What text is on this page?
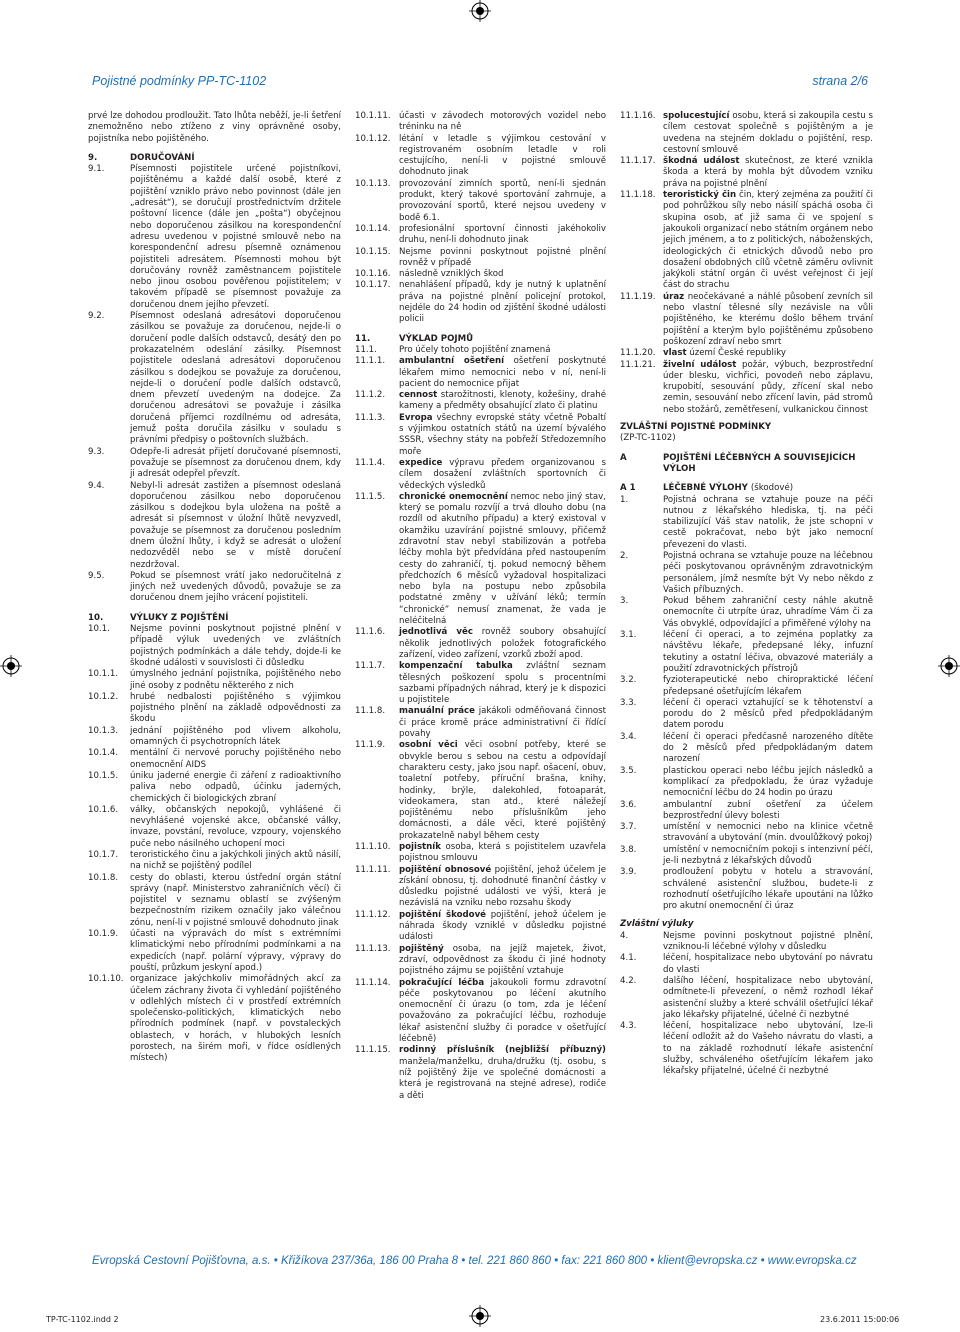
Pojistné podmínky PP-TC-1102	strana 2/6
prvé lze dohodou prodloužit. Tato lhůta neběží, je-li šetření znemožněno nebo ztíženo z viny oprávněné osoby, pojistníka nebo pojištěného.
9.	DORUČOVÁNÍ
9.1.	Písemnosti pojistitele určené pojistníkovi, pojištěnému a každé další osobě, které z pojištění vzniklo právo nebo povinnost (dále jen „adresát“), se doručují prostřednictvím držitele poštovní licence (dále jen „pošta“) obyčejnou nebo doporučenou zásilkou na korespondenční adresu uvedenou v pojistné smlouvě nebo na korespondenční adresu písemně oznámenou pojistiteli adresátem. Písemnosti mohou být doručovány rovněž zaměstnancem pojistitele nebo jinou osobou pověřenou pojistitelem; v takovém případě se písemnost považuje za doručenou dnem jejího převzetí.
9.2.	Písemnost odeslaná adresátovi doporučenou zásilkou se považuje za doručenou, nejde-li o doručení podle dalších odstavců, desátý den po prokazatelném odeslání zásilky. Písemnost pojistitele odeslaná adresátovi doporučenou zásilkou s dodejkou se považuje za doručenou, nejde-li o doručení podle dalších odstavců, dnem převzetí uvedeným na dodejce. Za doručenou adresátovi se považuje i zásilka doručená příjemci rozdílnému od adresáta, jemuž pošta doručila zásilku v souladu s právními předpisy o poštovních službách.
9.3.	Odepře-li adresát přijetí doručované písemnosti, považuje se písemnost za doručenou dnem, kdy ji adresát odepřel převzít.
9.4.	Nebyl-li adresát zastižen a písemnost odeslaná doporučenou zásilkou nebo doporučenou zásilkou s dodejkou byla uložena na poště a adresát si písemnost v úložní lhůtě nevyzvedl, považuje se písemnost za doručenou posledním dnem úložní lhůty, i když se adresát o uložení nedozvěděl nebo se v místě doručení nezdržoval.
9.5.	Pokud se písemnost vrátí jako nedoručitelná z jiných než uvedených důvodů, považuje se za doručenou dnem jejího vrácení pojistiteli.
10.	VÝLUKY Z POJIŠTĚNÍ
10.1.	Nejsme povinni poskytnout pojistné plnění v případě výluk uvedených ve zvláštních pojistných podmínkách a dále tehdy, dojde-li ke škodné události v souvislosti či důsledku
10.1.1.	úmyslného jednání pojistníka, pojištěného nebo jiné osoby z podnětu některého z nich
10.1.2.	hrubé nedbalosti pojištěného s výjimkou pojistného plnění na základě odpovědnosti za škodu
10.1.3.	jednání pojištěného pod vlivem alkoholu, omamných či psychotropních látek
10.1.4.	mentální či nervové poruchy pojištěného nebo onemocnění AIDS
10.1.5.	úniku jaderné energie či záření z radioaktivního paliva nebo odpadů, účinku jaderných, chemických či biologických zbraní
10.1.6.	války, občanských nepokojů, vyhlášené či nevyhlášené vojenské akce, občanské války, invaze, povstání, revoluce, vzpoury, vojenského puče nebo násilného uchopení moci
10.1.7.	teroristického činu a jakýchkoli jiných aktů násilí, na nichž se pojištěný podílel
10.1.8.	cesty do oblasti, kterou ústřední orgán státní správy (např. Ministerstvo zahraničních věcí) či pojistitel v seznamu oblastí se zvýšeným bezpečnostním rizikem označily jako válečnou zónu, není-li v pojistné smlouvě dohodnuto jinak
10.1.9.	účasti na výpravách do míst s extrémními klimatickými nebo přírodními podmínkami a na expedicích (např. polární výpravy, výpravy do pouští, průzkum jeskyní apod.)
10.1.10. organizace jakýchkoliv mimořádných akcí za účelem záchrany života či vyhledání pojištěného v odlehlých místech či v prostředí extrémních společensko-politických, klimatických nebo přírodních podmínek (např. v povstaleckých oblastech, v horách, v hlubokých lesních porostech, na širém moři, v řídce osídlených místech)
10.1.11. účasti v závodech motorových vozidel nebo tréninku na ně
10.1.12. létání v letadle s výjimkou cestování v registrovaném osobním letadle v roli cestujícího, není-li v pojistné smlouvě dohodnuto jinak
10.1.13. provozování zimních sportů, není-li sjednán produkt, který takové sportování zahrnuje, a provozování sportů, které nejsou uvedeny v bodě 6.1.
10.1.14. profesionální sportovní činnosti jakéhokoliv druhu, není-li dohodnuto jinak
10.1.15. Nejsme povinni poskytnout pojistné plnění rovněž v případě
10.1.16. následně vzniklých škod
10.1.17. nenahlášení případů, kdy je nutný k uplatnění práva na pojistné plnění policejní protokol, nejdéle do 24 hodin od zjištění škodné události policii
11.	VÝKLAD POJMŮ
11.1.	Pro účely tohoto pojištění znamená
11.1.1.	ambulantní ošetření ošetření poskytnuté lékařem mimo nemocnici nebo v ní, není-li pacient do nemocnice přijat
11.1.2.	cennost starožitnosti, klenoty, kožešiny, drahé kameny a předměty obsahující zlato či platinu
11.1.3.	Evropa všechny evropské státy včetně Pobaltí s výjimkou ostatních států na území bývalého SSSR, všechny státy na pobřeží Středozemního moře
11.1.4.	expedice výpravu předem organizovanou s cílem dosažení zvláštních sportovních či vědeckých výsledků
11.1.5.	chronické onemocnění nemoc nebo jiný stav, který se pomalu rozvíjí a trvá dlouho dobu (na rozdíl od akutního případu) a který existoval v okamžiku uzavírání pojistné smlouvy, přičemž zdravotní stav nebyl stabilizován a potřeba léčby mohla být předvídána před nastoupením cesty do zahraničí, tj. pokud nemocný během předchozích 6 měsíců vyžadoval hospitalizaci nebo byla na postupu nebo způsobila podstatné změny v užívání léků; termín “chronické” nemusí znamenat, že vada je neléčitelná
11.1.6.	jednotlivá věc rovněž soubory obsahující několik jednotlivých položek fotografického zařízení, video zařízení, vzorků zboží apod.
11.1.7.	kompenzační tabulka zvláštní seznam tělesných poškození spolu s procentními sazbami případných náhrad, který je k dispozici u pojistitele
11.1.8.	manuální práce jakákoli odměňovaná činnost či práce kromě práce administrativní či řídící povahy
11.1.9.	osobní věci věci osobní potřeby, které se obvykle berou s sebou na cestu a odpovídají charakteru cesty, jako jsou např. ošacení, obuv, toaletní potřeby, příruční brašna, knihy, hodinky, brýle, dalekohled, fotoaparát, videokamera, stan atd., které náležejí pojištěnému nebo příslušníkům jeho domácnosti, a dále věci, které pojištěný prokazatelně nabyl během cesty
11.1.10. pojistník osoba, která s pojistitelem uzavřela pojistnou smlouvu
11.1.11. pojištění obnosové pojištění, jehož účelem je získání obnosu, tj. dohodnuté finanční částky v důsledku pojistné události ve výši, která je nezávislá na vzniku nebo rozsahu škody
11.1.12. pojištění škodové pojištění, jehož účelem je náhrada škody vzniklé v důsledku pojistné události
11.1.13. pojištěný osoba, na jejíž majetek, život, zdraví, odpovědnost za škodu či jiné hodnoty pojistného zájmu se pojištění vztahuje
11.1.14. pokračující léčba jakoukoli formu zdravotní péče poskytovanou po léčení akutního onemocnění či úrazu (o tom, zda je léčení považováno za pokračující léčbu, rozhoduje lékař asistenční služby či poradce v ošetřující léčebně)
11.1.15. rodinný příslušník (nejbližší příbuzný) manžela/manželku, druha/družku (tj. osobu, s níž pojištěný žije ve společné domácnosti a která je registrovaná na stejné adrese), rodiče a děti
11.1.16. spolucestující osobu, která si zakoupila cestu s cílem cestovat společně s pojištěným a je uvedena na stejném dokladu o pojištění, resp. cestovní smlouvě
11.1.17. škodná událost skutečnost, ze které vznikla škoda a která by mohla být důvodem vzniku práva na pojistné plnění
11.1.18. teroristický čin čin, který zejména za použití či pod pohrůžkou síly nebo násilí spáchá osoba či skupina osob, ať již sama či ve spojení s jakoukoli organizací nebo státním orgánem nebo jejich jménem, a to z politických, náboženských, ideologických či etnických důvodů nebo pro dosažení obdobných cílů včetně záměru ovlivnit jakýkoli státní orgán či uvést veřejnost či její část do strachu
11.1.19. úraz neočekávané a náhlé působení zevních sil nebo vlastní tělesné síly nezávisle na vůli pojištěného, ke kterému došlo během trvání pojištění a kterým bylo pojištěnému způsobeno poškození zdraví nebo smrt
11.1.20. vlast území České republiky
11.1.21. živelní událost požár, výbuch, bezprostřední úder blesku, vichřici, povodeň nebo záplavu, krupobití, sesouvání půdy, zřícení skal nebo zemin, sesouvání nebo zřícení lavin, pád stromů nebo stožárů, zemětřesení, vulkanickou činnost
ZVLÁŠTNÍ POJISTNÉ PODMÍNKY
(ZP-TC-1102)
A	POJIŠTĚNÍ LÉČEBNÝCH A SOUVISEJÍCÍCH VÝLOH
A 1	LÉČEBNÉ VÝLOHY (škodové)
1.	Pojistná ochrana se vztahuje pouze na péči nutnou z lékařského hlediska, tj. na péči stabilizující Váš stav natolik, že jste schopni v cestě pokračovat, nebo být jako nemocní převezeni do vlasti.
2.	Pojistná ochrana se vztahuje pouze na léčebnou péči poskytovanou oprávněným zdravotnickým personálem, jímž nesmíte být Vy nebo někdo z Vašich příbuzných.
3.	Pokud během zahraniční cesty náhle akutně onemocníte či utrpíte úraz, uhradíme Vám či za Vás obvyklé, odpovídající a přiměřené výlohy na
3.1.	léčení či operaci, a to zejména poplatky za návštěvu lékaře, předepsané léky, infuzní tekutiny a ostatní léčiva, obvazové materiály a použití zdravotnických přístrojů
3.2.	fyzioterapeutické nebo chiropraktické léčení předepsané ošetřujícím lékařem
3.3.	léčení či operaci vztahující se k těhotenství a porodu do 2 měsíců před předpokládaným datem porodu
3.4.	léčení či operaci předčasně narozeného dítěte do 2 měsíců před předpokládaným datem narození
3.5.	plastickou operaci nebo léčbu jejích následků a komplikací za předpokladu, že úraz vyžaduje nemocniční léčbu do 24 hodin po úrazu
3.6.	ambulantní zubní ošetření za účelem bezprostřední úlevy bolesti
3.7.	umístění v nemocnici nebo na klinice včetně stravování a ubytování (min. dvoulůžkový pokoj)
3.8.	umístění v nemocničním pokoji s intenzivní péčí, je-li nezbytná z lékařských důvodů
3.9.	prodloužení pobytu v hotelu a stravování, schválené asistenční službou, budete-li z rozhodnutí ošetřujícího lékaře upoutáni na lůžko pro akutní onemocnění či úraz
Zvláštní výluky
4.	Nejsme povinni poskytnout pojistné plnění, vzniknou-li léčebné výlohy v důsledku
4.1.	léčení, hospitalizace nebo ubytování po návratu do vlasti
4.2.	dalšího léčení, hospitalizace nebo ubytování, odmítnete-li převezení, o němž rozhodl lékař asistenční služby a které schválil ošetřující lékař jako lékařsky přijatelné, účelné či nezbytné
4.3.	léčení, hospitalizace nebo ubytování, lze-li léčení odložit až do Vašeho návratu do vlasti, a to na základě rozhodnutí lékaře asistenční služby, schváleného ošetřujícím lékařem jako lékařsky přijatelné, účelné či nezbytné
Evropská Cestovní Pojišťovna, a.s. • Křižíkova 237/36a, 186 00 Praha 8 • tel. 221 860 860 • fax: 221 860 800 • klient@evropska.cz • www.evropska.cz
TP-TC-1102.indd 2	23.6.2011 15:00:06
